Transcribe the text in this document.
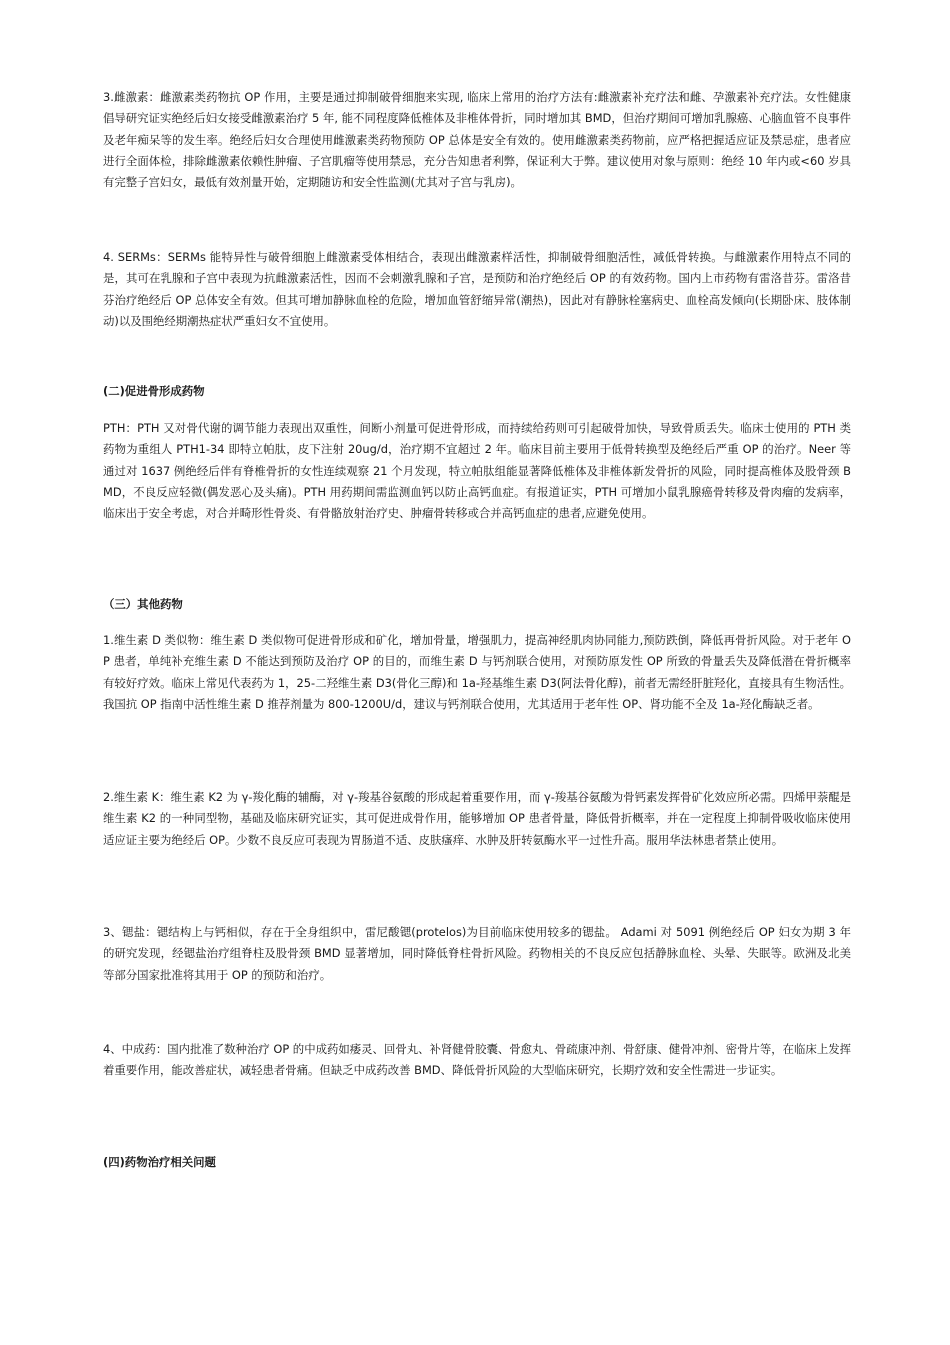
3.雌激素：雌激素类药物抗 OP 作用，主要是通过抑制破骨细胞来实现, 临床上常用的治疗方法有:雌激素补充疗法和雌、孕激素补充疗法。女性健康倡导研究证实绝经后妇女接受雌激素治疗 5 年, 能不同程度降低椎体及非椎体骨折，同时增加其 BMD，但治疗期间可增加乳腺癌、心脑血管不良事件及老年痴呆等的发生率。绝经后妇女合理使用雌激素类药物预防 OP 总体是安全有效的。使用雌激素类药物前，应严格把握适应证及禁忌症，患者应进行全面体检，排除雌激素依赖性肿瘤、子宫肌瘤等使用禁忌，充分告知患者利弊，保证利大于弊。建议使用对象与原则：绝经 10 年内或<60 岁具有完整子宫妇女，最低有效剂量开始，定期随访和安全性监测(尤其对子宫与乳房)。

4. SERMs：SERMs 能特异性与破骨细胞上雌激素受体相结合，表现出雌激素样活性，抑制破骨细胞活性，减低骨转换。与雌激素作用特点不同的是，其可在乳腺和子宫中表现为抗雌激素活性，因而不会刺激乳腺和子宫，是预防和治疗绝经后 OP 的有效药物。国内上市药物有雷洛昔芬。雷洛昔芬治疗绝经后 OP 总体安全有效。但其可增加静脉血栓的危险，增加血管舒缩异常(潮热)，因此对有静脉栓塞病史、血栓高发倾向(长期卧床、肢体制动)以及围绝经期潮热症状严重妇女不宜使用。

(二)促进骨形成药物

PTH：PTH 又对骨代谢的调节能力表现出双重性，间断小剂量可促进骨形成，而持续给药则可引起破骨加快，导致骨质丢失。临床士使用的 PTH 类药物为重组人 PTH1-34 即特立帕肽，皮下注射 20ug/d，治疗期不宜超过 2 年。临床目前主要用于低骨转换型及绝经后严重 OP 的治疗。Neer 等通过对 1637 例绝经后伴有脊椎骨折的女性连续观察 21 个月发现，特立帕肽组能显著降低椎体及非椎体新发骨折的风险，同时提高椎体及股骨颈 BMD，不良反应轻微(偶发恶心及头痛)。PTH 用药期间需监测血钙以防止高钙血症。有报道证实，PTH 可增加小鼠乳腺癌骨转移及骨肉瘤的发病率，临床出于安全考虑，对合并畸形性骨炎、有骨骼放射治疗史、肿瘤骨转移或合并高钙血症的患者,应避免使用。

（三）其他药物

1.维生素 D 类似物：维生素 D 类似物可促进骨形成和矿化，增加骨量，增强肌力，提高神经肌肉协同能力,预防跌倒，降低再骨折风险。对于老年 OP 患者，单纯补充维生素 D 不能达到预防及治疗 OP 的目的，而维生素 D 与钙剂联合使用，对预防原发性 OP 所致的骨量丢失及降低潜在骨折概率有较好疗效。临床上常见代表药为 1，25-二羟维生素 D3(骨化三醇)和 1a-羟基维生素 D3(阿法骨化醇)，前者无需经肝脏羟化，直接具有生物活性。我国抗 OP 指南中活性维生素 D 推荐剂量为 800-1200U/d，建议与钙剂联合使用，尤其适用于老年性 OP、肾功能不全及 1a-羟化酶缺乏者。

2.维生素 K：维生素 K2 为 γ-羧化酶的辅酶，对 γ-羧基谷氨酸的形成起着重要作用，而 γ-羧基谷氨酸为骨钙素发挥骨矿化效应所必需。四烯甲萘醌是维生素 K2 的一种同型物，基础及临床研究证实，其可促进成骨作用，能够增加 OP 患者骨量，降低骨折概率，并在一定程度上抑制骨吸收临床使用适应证主要为绝经后 OP。少数不良反应可表现为胃肠道不适、皮肤瘙痒、水肿及肝转氨酶水平一过性升高。服用华法林患者禁止使用。

3、锶盐：锶结构上与钙相似，存在于全身组织中，雷尼酸锶(protelos)为目前临床使用较多的锶盐。 Adami 对 5091 例绝经后 OP 妇女为期 3 年的研究发现，经锶盐治疗组脊柱及股骨颈 BMD 显著增加，同时降低脊柱骨折风险。药物相关的不良反应包括静脉血栓、头晕、失眠等。欧洲及北美等部分国家批准将其用于 OP 的预防和治疗。

4、中成药：国内批准了数种治疗 OP 的中成药如痿灵、回骨丸、补肾健骨胶囊、骨愈丸、骨疏康冲剂、骨舒康、健骨冲剂、密骨片等，在临床上发挥着重要作用，能改善症状，减轻患者骨痛。但缺乏中成药改善 BMD、降低骨折风险的大型临床研究，长期疗效和安全性需进一步证实。

(四)药物治疗相关问题
